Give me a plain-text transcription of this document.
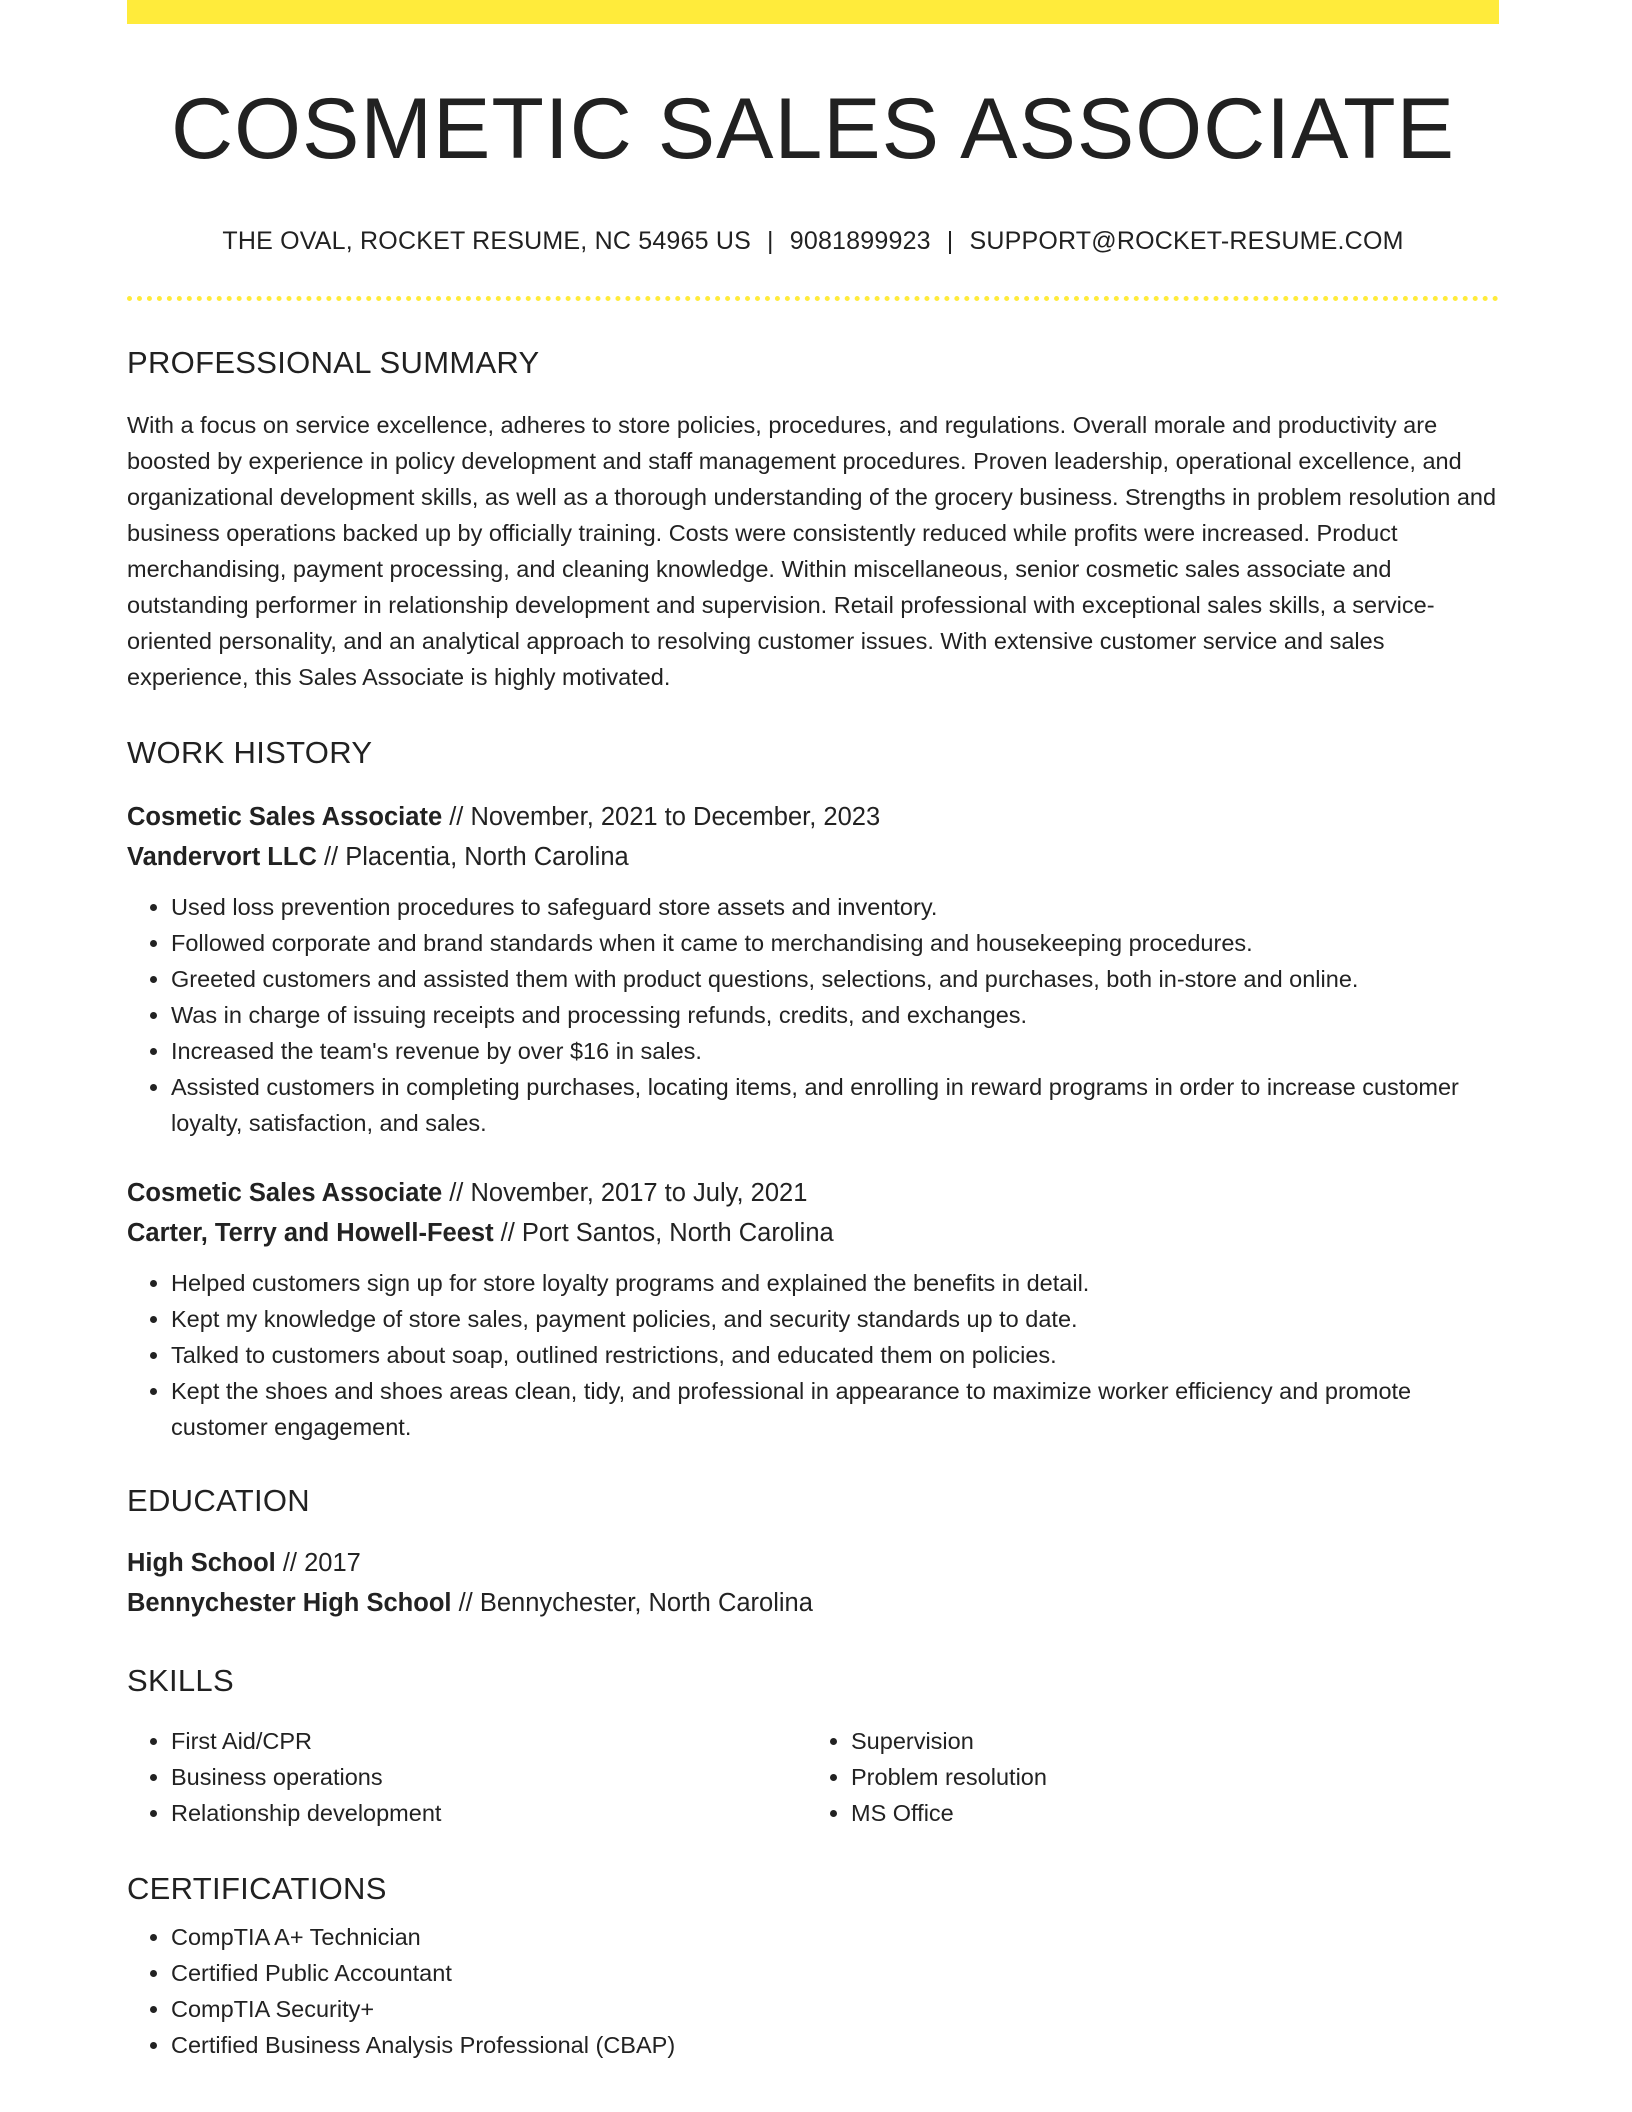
COSMETIC SALES ASSOCIATE
THE OVAL, ROCKET RESUME, NC 54965 US | 9081899923 | SUPPORT@ROCKET-RESUME.COM
PROFESSIONAL SUMMARY

With a focus on service excellence, adheres to store policies, procedures, and regulations. Overall morale and productivity are boosted by experience in policy development and staff management procedures. Proven leadership, operational excellence, and organizational development skills, as well as a thorough understanding of the grocery business. Strengths in problem resolution and business operations backed up by officially training. Costs were consistently reduced while profits were increased. Product merchandising, payment processing, and cleaning knowledge. Within miscellaneous, senior cosmetic sales associate and outstanding performer in relationship development and supervision. Retail professional with exceptional sales skills, a service-oriented personality, and an analytical approach to resolving customer issues. With extensive customer service and sales experience, this Sales Associate is highly motivated.

WORK HISTORY
Cosmetic Sales Associate // November, 2021 to December, 2023
Vandervort LLC // Placentia, North Carolina
• Used loss prevention procedures to safeguard store assets and inventory.
• Followed corporate and brand standards when it came to merchandising and housekeeping procedures.
• Greeted customers and assisted them with product questions, selections, and purchases, both in-store and online.
• Was in charge of issuing receipts and processing refunds, credits, and exchanges.
• Increased the team's revenue by over $16 in sales.
• Assisted customers in completing purchases, locating items, and enrolling in reward programs in order to increase customer loyalty, satisfaction, and sales.
Cosmetic Sales Associate // November, 2017 to July, 2021
Carter, Terry and Howell-Feest // Port Santos, North Carolina
• Helped customers sign up for store loyalty programs and explained the benefits in detail.
• Kept my knowledge of store sales, payment policies, and security standards up to date.
• Talked to customers about soap, outlined restrictions, and educated them on policies.
• Kept the shoes and shoes areas clean, tidy, and professional in appearance to maximize worker efficiency and promote customer engagement.
EDUCATION
High School // 2017
Bennychester High School // Bennychester, North Carolina
SKILLS
• First Aid/CPR
• Business operations
• Relationship development
• Supervision
• Problem resolution
• MS Office
CERTIFICATIONS
• CompTIA A+ Technician
• Certified Public Accountant
• CompTIA Security+
• Certified Business Analysis Professional (CBAP)
